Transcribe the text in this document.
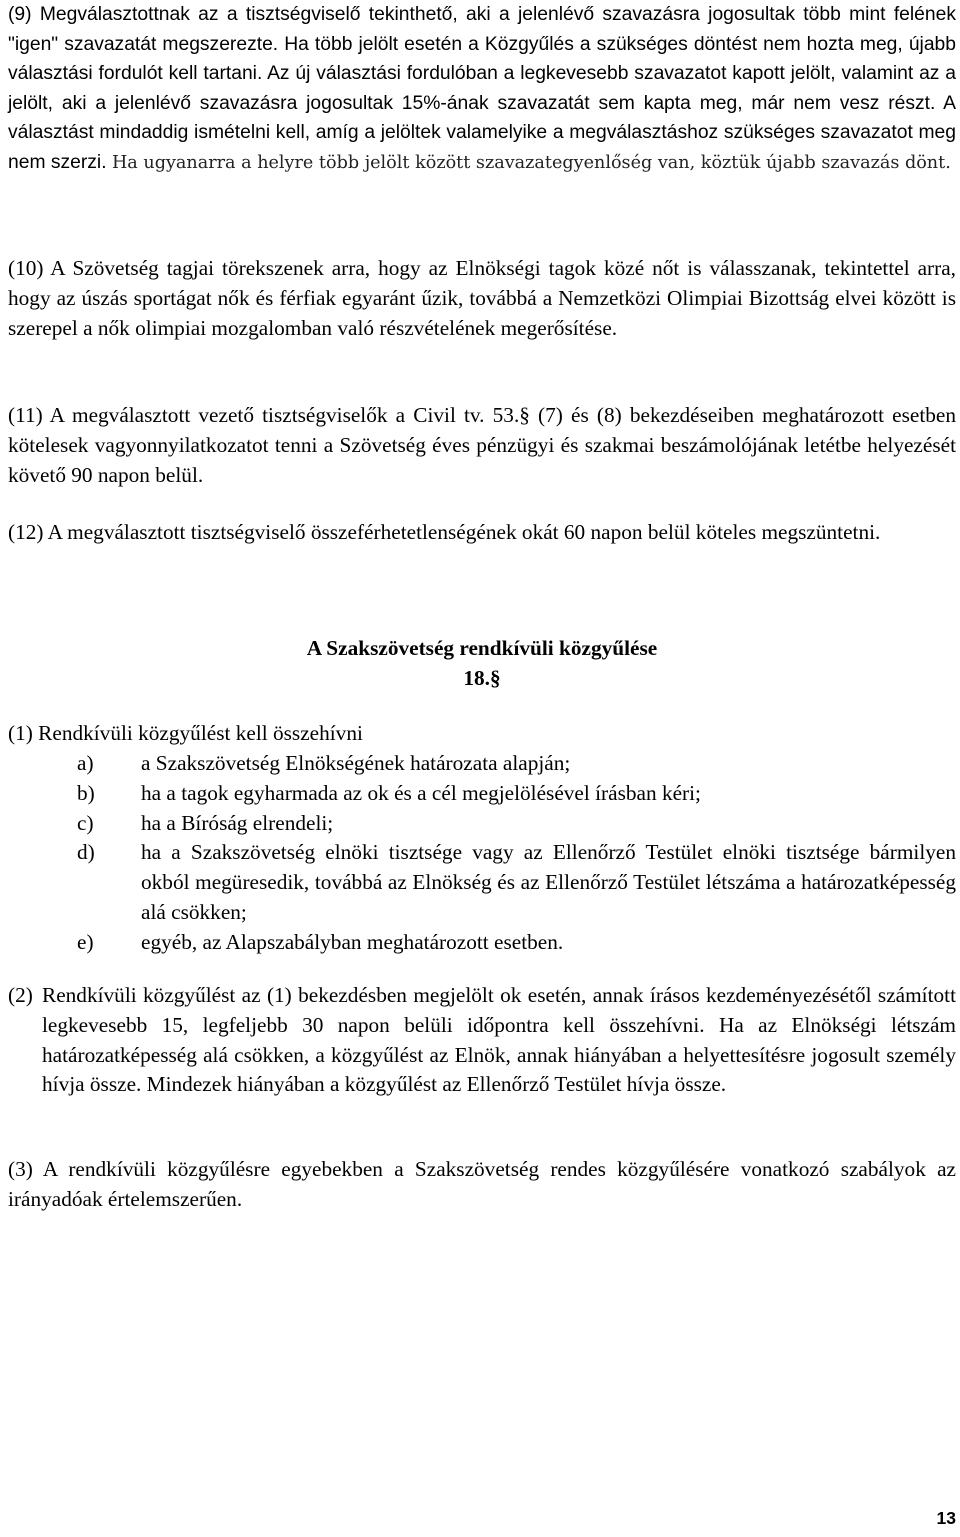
(9) Megválasztottnak az a tisztségviselő tekinthető, aki a jelenlévő szavazásra jogosultak több mint felének "igen" szavazatát megszerezte. Ha több jelölt esetén a Közgyűlés a szükséges döntést nem hozta meg, újabb választási fordulót kell tartani. Az új választási fordulóban a legkevesebb szavazatot kapott jelölt, valamint az a jelölt, aki a jelenlévő szavazásra jogosultak 15%-ának szavazatát sem kapta meg, már nem vesz részt. A választást mindaddig ismételni kell, amíg a jelöltek valamelyike a megválasztáshoz szükséges szavazatot meg nem szerzi. Ha ugyanarra a helyre több jelölt között szavazategyenlőség van, köztük újabb szavazás dönt.

(10) A Szövetség tagjai törekszenek arra, hogy az Elnökségi tagok közé nőt is válasszanak, tekintettel arra, hogy az úszás sportágat nők és férfiak egyaránt űzik, továbbá a Nemzetközi Olimpiai Bizottság elvei között is szerepel a nők olimpiai mozgalomban való részvételének megerősítése.

(11) A megválasztott vezető tisztségviselők a Civil tv. 53.§ (7) és (8) bekezdéseiben meghatározott esetben kötelesek vagyonnyilatkozatot tenni a Szövetség éves pénzügyi és szakmai beszámolójának letétbe helyezését követő 90 napon belül.

(12) A megválasztott tisztségviselő összeférhetetlenségének okát 60 napon belül köteles megszüntetni.

A Szakszövetség rendkívüli közgyűlése
18.§
(1) Rendkívüli közgyűlést kell összehívni
a)	a Szakszövetség Elnökségének határozata alapján;
b)	ha a tagok egyharmada az ok és a cél megjelölésével írásban kéri;
c)	ha a Bíróság elrendeli;
d)	ha a Szakszövetség elnöki tisztsége vagy az Ellenőrző Testület elnöki tisztsége bármilyen okból megüresedik, továbbá az Elnökség és az Ellenőrző Testület létszáma a határozatképesség alá csökken;
e)	egyéb, az Alapszabályban meghatározott esetben.
(2) Rendkívüli közgyűlést az (1) bekezdésben megjelölt ok esetén, annak írásos kezdeményezésétől számított legkevesebb 15, legfeljebb 30 napon belüli időpontra kell összehívni. Ha az Elnökségi létszám határozatképesség alá csökken, a közgyűlést az Elnök, annak hiányában a helyettesítésre jogosult személy hívja össze. Mindezek hiányában a közgyűlést az Ellenőrző Testület hívja össze.

(3) A rendkívüli közgyűlésre egyebekben a Szakszövetség rendes közgyűlésére vonatkozó szabályok az irányadóak értelemszerűen.

13
